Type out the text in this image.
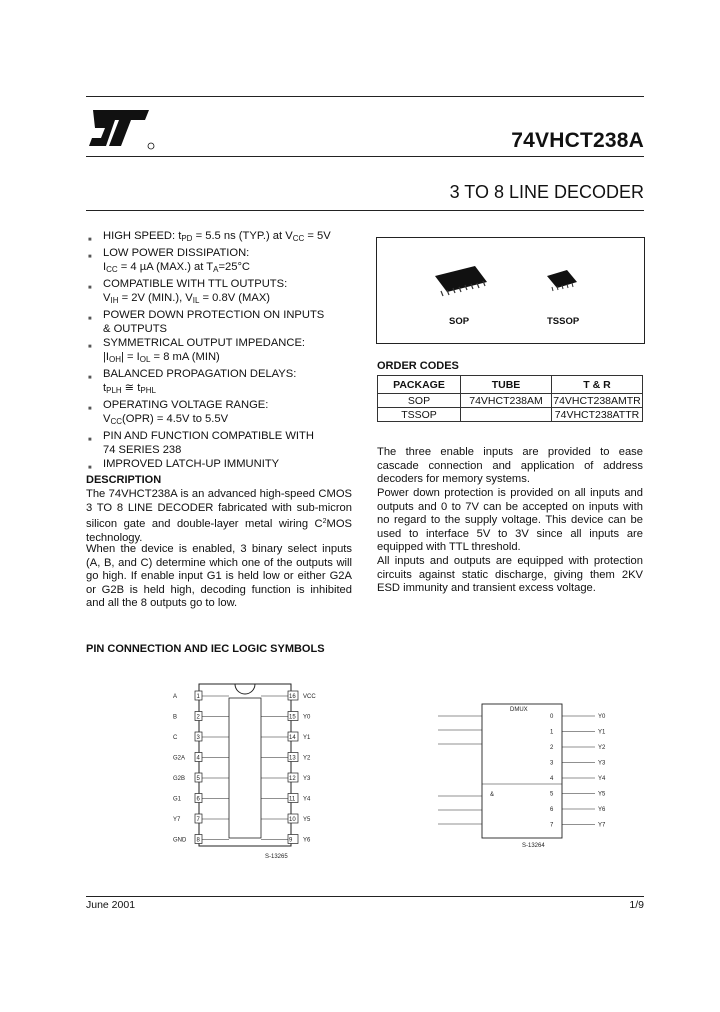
74VHCT238A
3 TO 8 LINE DECODER
■ HIGH SPEED: $t_{PD} = 5.5$ ns (TYP.) at $V_{CC} = 5V$
■ LOW POWER DISSIPATION:
$I_{CC} = 4$ µA (MAX.) at $T_A=25^\circ C$
■ COMPATIBLE WITH TTL OUTPUTS:
$V_{IH} = 2V$ (MIN.), $V_{IL} = 0.8V$ (MAX)
■ POWER DOWN PROTECTION ON INPUTS
& OUTPUTS
■ SYMMETRICAL OUTPUT IMPEDANCE:
$|I_{OH}| = I_{OL} = 8$ mA (MIN)
■ BALANCED PROPAGATION DELAYS:
$t_{PLH}$ ≅ $t_{PHL}$
■ OPERATING VOLTAGE RANGE:
$V_{CC}(OPR) = 4.5V$ to 5.5V
■ PIN AND FUNCTION COMPATIBLE WITH
74 SERIES 238
■ IMPROVED LATCH-UP IMMUNITY
DESCRIPTION
The 74VHCT238A is an advanced high-speed CMOS 3 TO 8 LINE DECODER fabricated with sub-micron silicon gate and double-layer metal wiring $C^2MOS$ technology.
When the device is enabled, 3 binary select inputs (A, B, and C) determine which one of the outputs will go high. If enable input G1 is held low or either G2A or G2B is held high, decoding function is inhibited and all the 8 outputs go to low.
SOP	TSSOP
ORDER CODES
PACKAGE	TUBE	T & R
SOP	74VHCT238AM	74VHCT238AMTR
TSSOP		74VHCT238ATTR
The three enable inputs are provided to ease cascade connection and application of address decoders for memory systems.
Power down protection is provided on all inputs and outputs and 0 to 7V can be accepted on inputs with no regard to the supply voltage. This device can be used to interface 5V to 3V since all inputs are equipped with TTL threshold.
All inputs and outputs are equipped with protection circuits against static discharge, giving them 2KV ESD immunity and transient excess voltage.
PIN CONNECTION AND IEC LOGIC SYMBOLS
A	1	VCC
16
B	2	Y0
15
C	3	Y1
14
G2A 4	Y2
13
G2B 5	Y3
12
G1	6	Y4
11
Y7	7	Y5
10
GND 8	Y6
9
S-13265
DMUX
0	Y0
1	Y1
2	Y2
3	Y3
4	Y4
5	Y5
6	Y6
7	Y7
&
S-13264
June 2001	1/9
